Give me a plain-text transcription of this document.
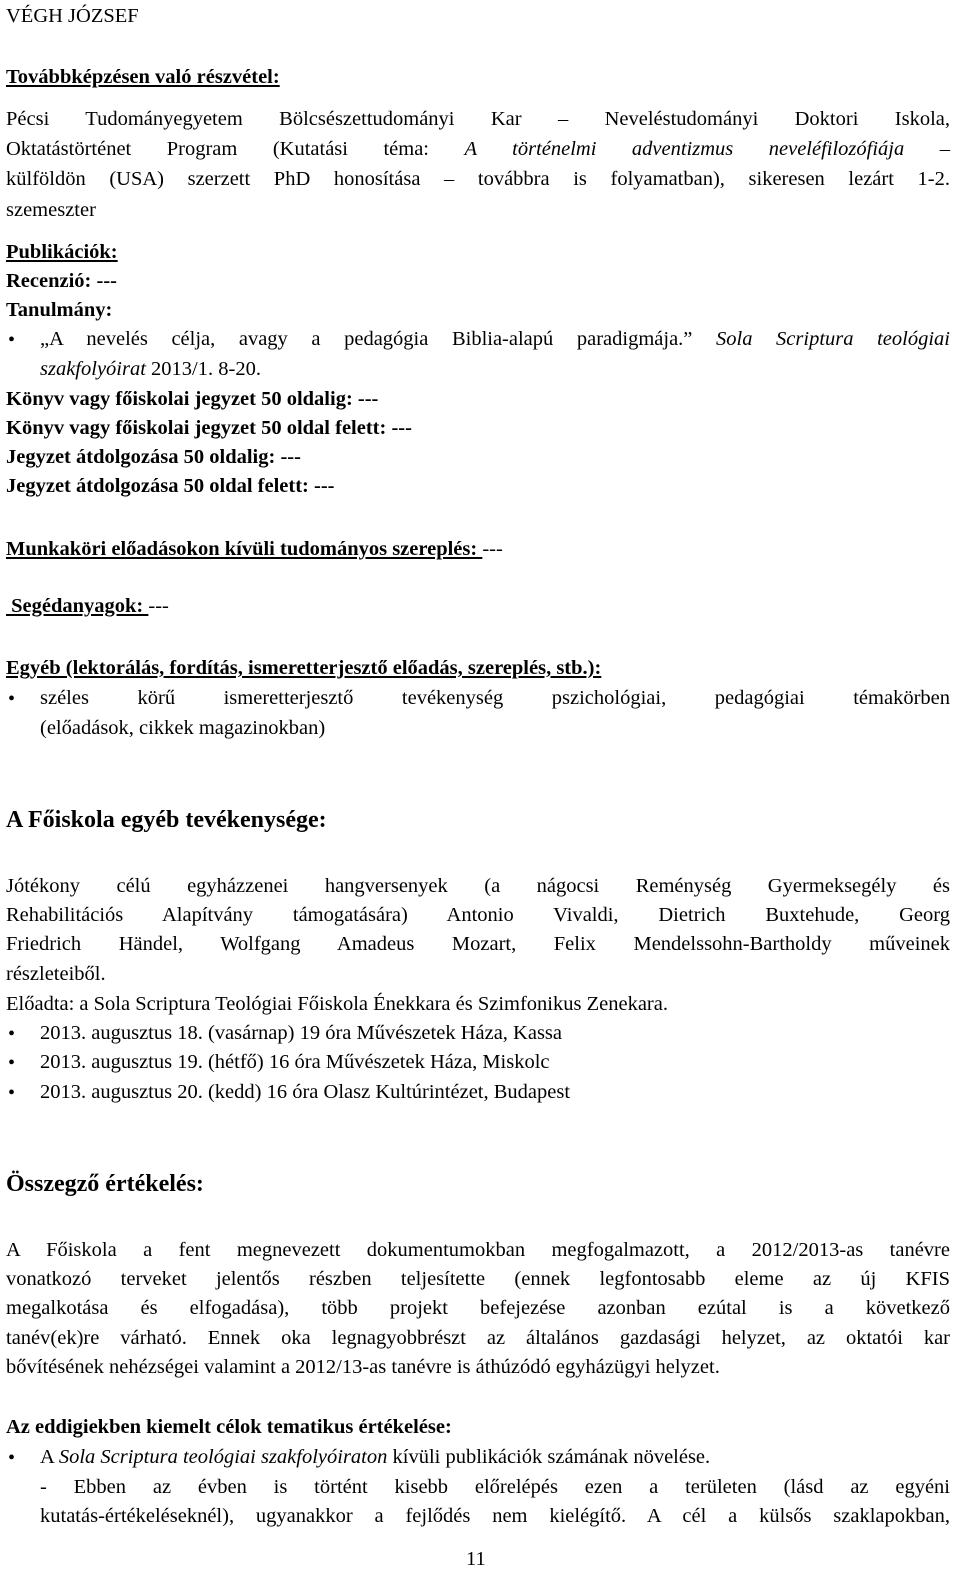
VÉGH JÓZSEF
Továbbképzésen való részvétel:
Pécsi Tudományegyetem Bölcsészettudományi Kar – Neveléstudományi Doktori Iskola,
Oktatástörténet Program (Kutatási téma: A történelmi adventizmus neveléfilozófiája –
külföldön (USA) szerzett PhD honosítása – továbbra is folyamatban), sikeresen lezárt 1-2.
szemeszter
Publikációk:
Recenzió: ---
Tanulmány:
• „A nevelés célja, avagy a pedagógia Biblia-alapú paradigmája.” Sola Scriptura teológiai
szakfolyóirat 2013/1. 8-20.
Könyv vagy főiskolai jegyzet 50 oldalig: ---
Könyv vagy főiskolai jegyzet 50 oldal felett: ---
Jegyzet átdolgozása 50 oldalig: ---
Jegyzet átdolgozása 50 oldal felett: ---
Munkaköri előadásokon kívüli tudományos szereplés: ---
Segédanyagok: ---
Egyéb (lektorálás, fordítás, ismeretterjesztő előadás, szereplés, stb.):
• széles körű ismeretterjesztő tevékenység pszichológiai, pedagógiai témakörben
(előadások, cikkek magazinokban)
A Főiskola egyéb tevékenysége:
Jótékony célú egyházzenei hangversenyek (a nágocsi Reménység Gyermeksegély és
Rehabilitációs Alapítvány támogatására) Antonio Vivaldi, Dietrich Buxtehude, Georg
Friedrich Händel, Wolfgang Amadeus Mozart, Felix Mendelssohn-Bartholdy műveinek
részleteiből.
Előadta: a Sola Scriptura Teológiai Főiskola Énekkara és Szimfonikus Zenekara.
• 2013. augusztus 18. (vasárnap) 19 óra Művészetek Háza, Kassa
• 2013. augusztus 19. (hétfő) 16 óra Művészetek Háza, Miskolc
• 2013. augusztus 20. (kedd) 16 óra Olasz Kultúrintézet, Budapest
Összegző értékelés:
A Főiskola a fent megnevezett dokumentumokban megfogalmazott, a 2012/2013-as tanévre
vonatkozó terveket jelentős részben teljesítette (ennek legfontosabb eleme az új KFIS
megalkotása és elfogadása), több projekt befejezése azonban ezútal is a következő
tanév(ek)re várható. Ennek oka legnagyobbrészt az általános gazdasági helyzet, az oktatói kar
bővítésének nehézségei valamint a 2012/13-as tanévre is áthúzódó egyházügyi helyzet.
Az eddigiekben kiemelt célok tematikus értékelése:
• A Sola Scriptura teológiai szakfolyóiraton kívüli publikációk számának növelése.
- Ebben az évben is történt kisebb előrelépés ezen a területen (lásd az egyéni
kutatás-értékeléseknél), ugyanakkor a fejlődés nem kielégítő. A cél a külsős szaklapokban,
11
